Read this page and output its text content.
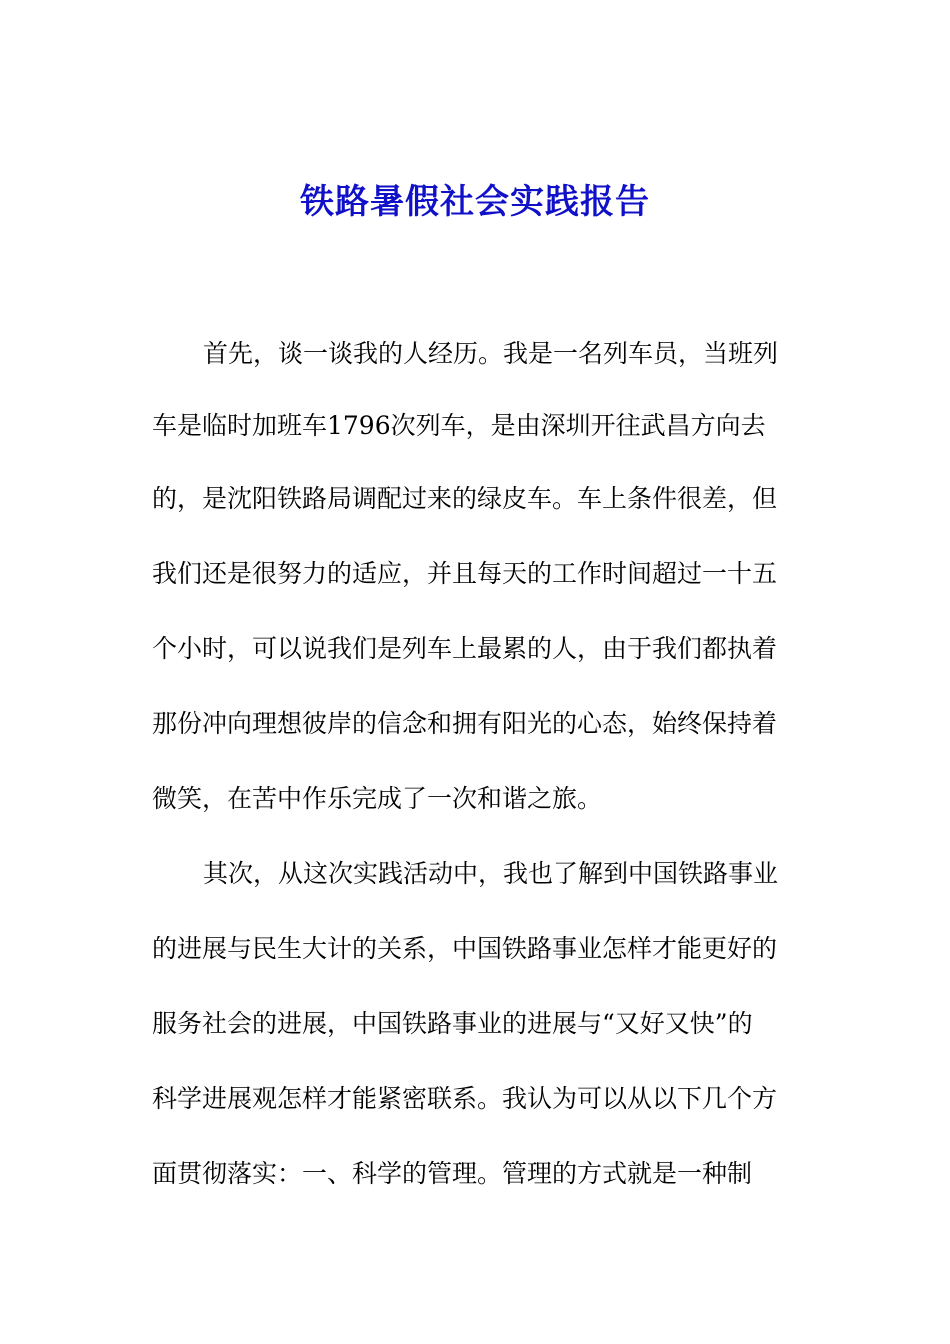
铁路暑假社会实践报告
首先，谈一谈我的人经历。我是一名列车员，当班列
车是临时加班车1796次列车，是由深圳开往武昌方向去
的，是沈阳铁路局调配过来的绿皮车。车上条件很差，但
我们还是很努力的适应，并且每天的工作时间超过一十五
个小时，可以说我们是列车上最累的人，由于我们都执着
那份冲向理想彼岸的信念和拥有阳光的心态，始终保持着
微笑，在苦中作乐完成了一次和谐之旅。
其次，从这次实践活动中，我也了解到中国铁路事业
的进展与民生大计的关系，中国铁路事业怎样才能更好的
服务社会的进展，中国铁路事业的进展与“又好又快”的
科学进展观怎样才能紧密联系。我认为可以从以下几个方
面贯彻落实：一、科学的管理。管理的方式就是一种制
